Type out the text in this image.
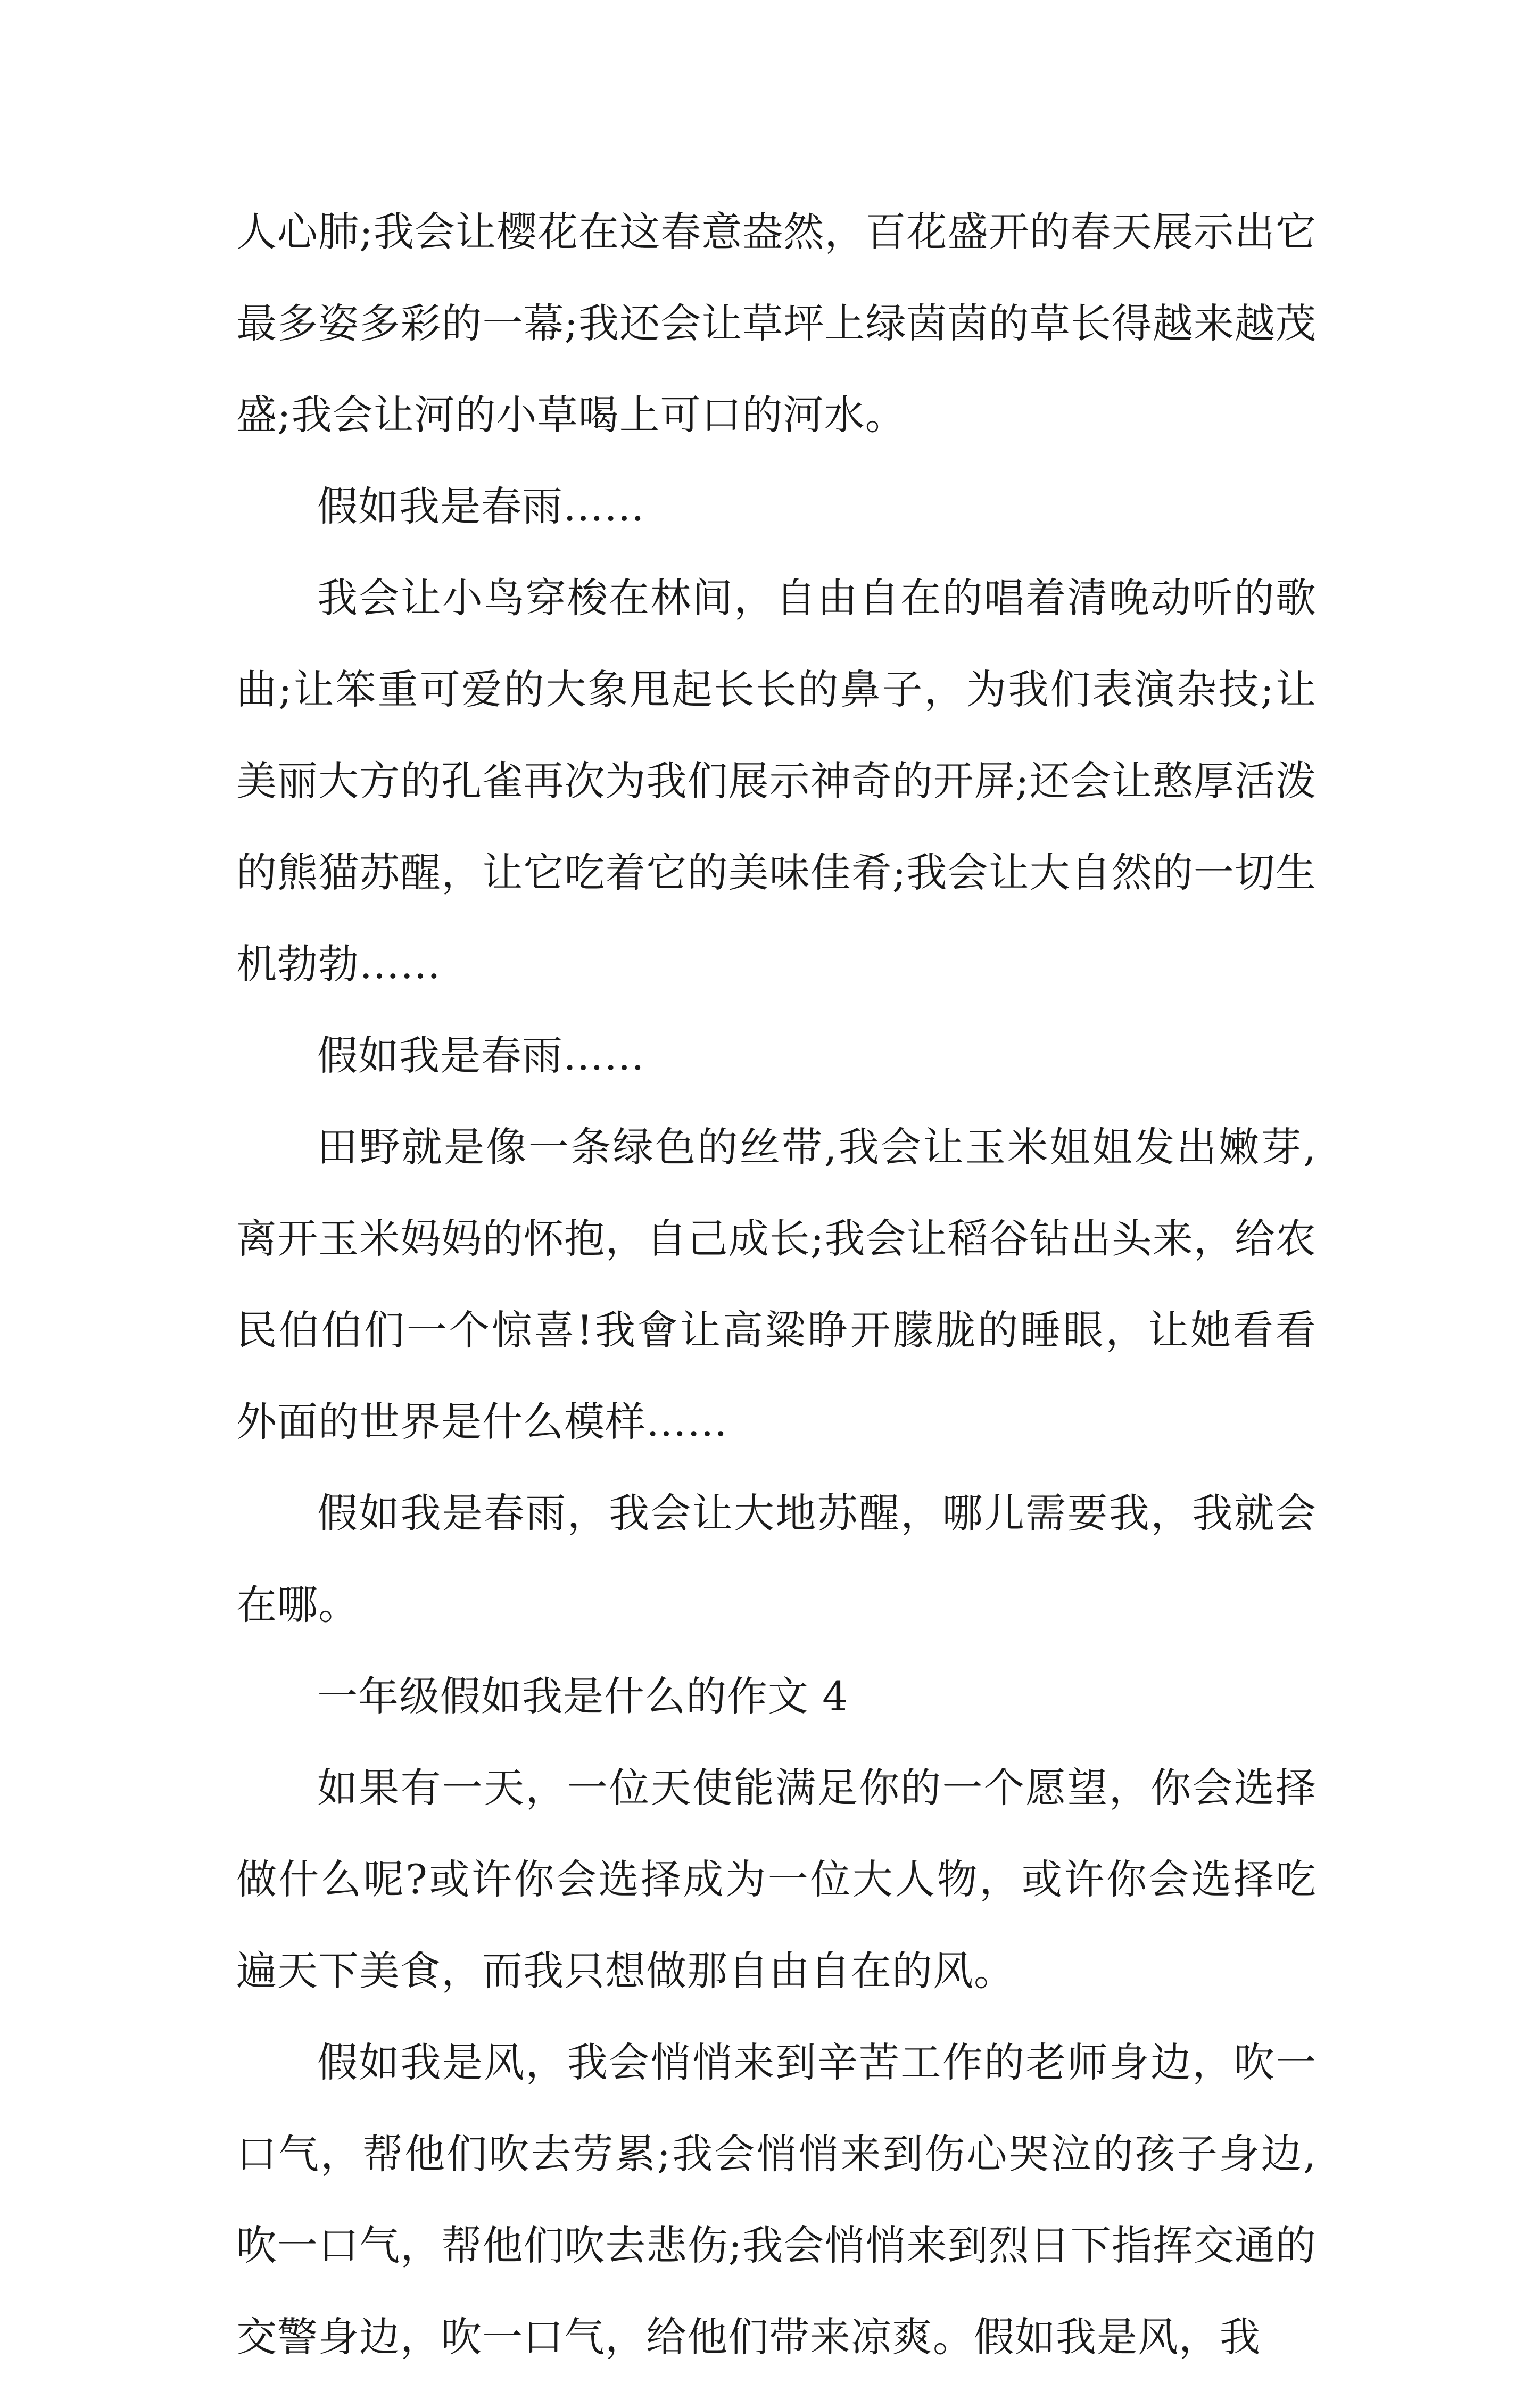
人心肺;我会让樱花在这春意盎然，百花盛开的春天展示出它最多姿多彩的一幕;我还会让草坪上绿茵茵的草长得越来越茂盛;我会让河的小草喝上可口的河水。

假如我是春雨……

我会让小鸟穿梭在林间，自由自在的唱着清晚动听的歌曲;让笨重可爱的大象甩起长长的鼻子，为我们表演杂技;让美丽大方的孔雀再次为我们展示神奇的开屏;还会让憨厚活泼的熊猫苏醒，让它吃着它的美味佳肴;我会让大自然的一切生机勃勃……

假如我是春雨……

田野就是像一条绿色的丝带,我会让玉米姐姐发出嫩芽,离开玉米妈妈的怀抱，自己成长;我会让稻谷钻出头来，给农民伯伯们一个惊喜!我會让高粱睁开朦胧的睡眼，让她看看外面的世界是什么模样……

假如我是春雨，我会让大地苏醒，哪儿需要我，我就会在哪。

一年级假如我是什么的作文 4

如果有一天，一位天使能满足你的一个愿望，你会选择做什么呢?或许你会选择成为一位大人物，或许你会选择吃遍天下美食，而我只想做那自由自在的风。

假如我是风，我会悄悄来到辛苦工作的老师身边，吹一口气，帮他们吹去劳累;我会悄悄来到伤心哭泣的孩子身边,吹一口气，帮他们吹去悲伤;我会悄悄来到烈日下指挥交通的交警身边，吹一口气，给他们带来凉爽。假如我是风，我
